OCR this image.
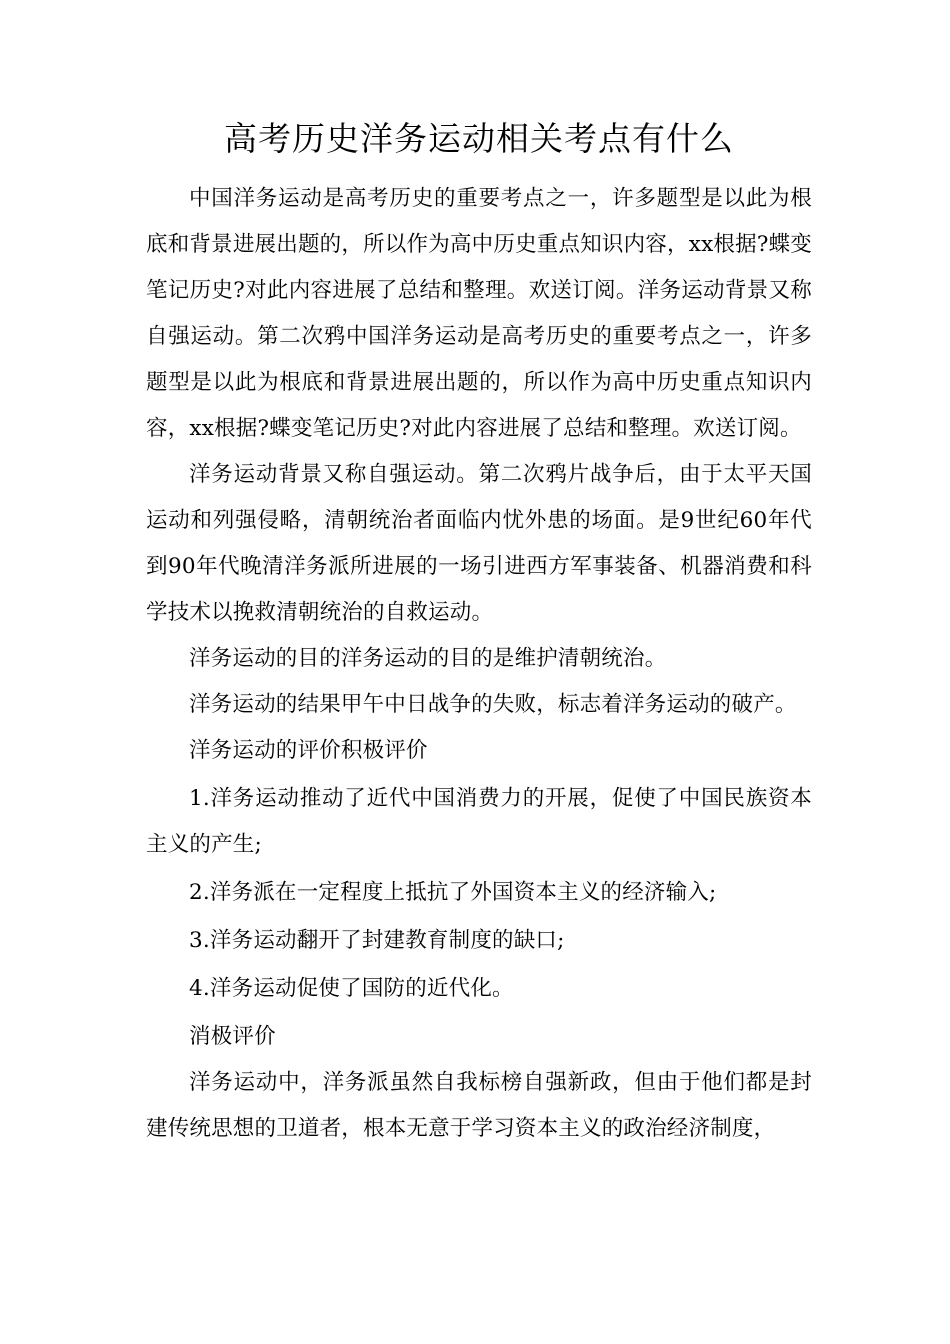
高考历史洋务运动相关考点有什么

中国洋务运动是高考历史的重要考点之一，许多题型是以此为根底和背景进展出题的，所以作为高中历史重点知识内容，xx根据?蝶变笔记历史?对此内容进展了总结和整理。欢送订阅。洋务运动背景又称自强运动。第二次鸦中国洋务运动是高考历史的重要考点之一，许多题型是以此为根底和背景进展出题的，所以作为高中历史重点知识内容，xx根据?蝶变笔记历史?对此内容进展了总结和整理。欢送订阅。

洋务运动背景又称自强运动。第二次鸦片战争后，由于太平天国运动和列强侵略，清朝统治者面临内忧外患的场面。是9世纪60年代到90年代晚清洋务派所进展的一场引进西方军事装备、机器消费和科学技术以挽救清朝统治的自救运动。

洋务运动的目的洋务运动的目的是维护清朝统治。

洋务运动的结果甲午中日战争的失败，标志着洋务运动的破产。

洋务运动的评价积极评价

1.洋务运动推动了近代中国消费力的开展，促使了中国民族资本主义的产生;

2.洋务派在一定程度上抵抗了外国资本主义的经济输入;

3.洋务运动翻开了封建教育制度的缺口;

4.洋务运动促使了国防的近代化。

消极评价

洋务运动中，洋务派虽然自我标榜自强新政，但由于他们都是封建传统思想的卫道者，根本无意于学习资本主义的政治经济制度，
